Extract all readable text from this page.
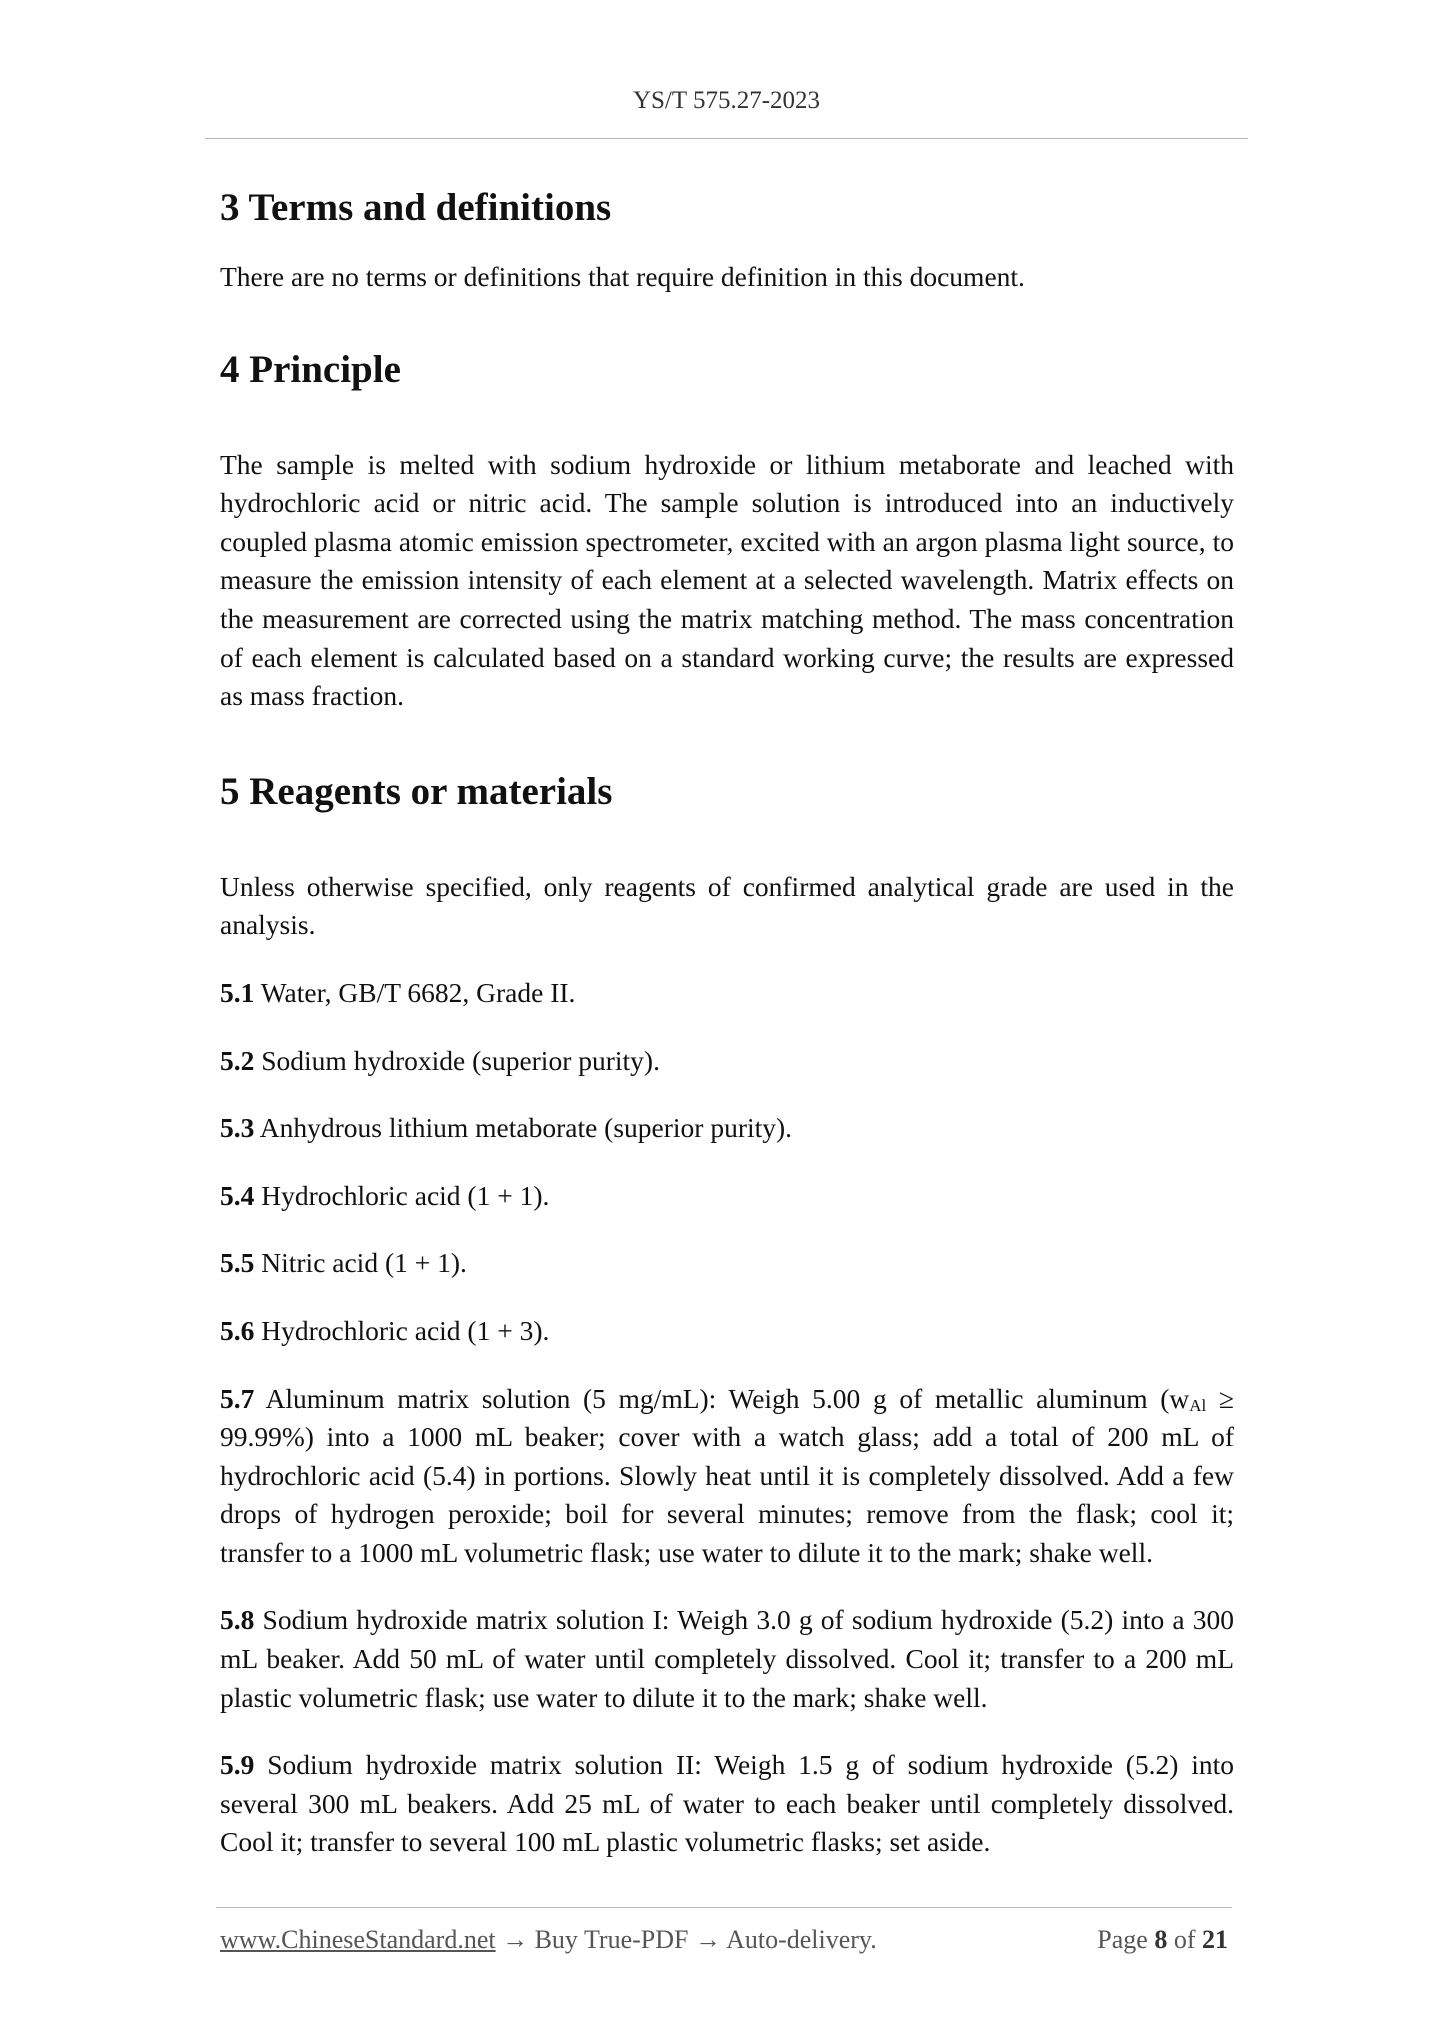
YS/T 575.27-2023
3 Terms and definitions

There are no terms or definitions that require definition in this document.

4 Principle

The sample is melted with sodium hydroxide or lithium metaborate and leached with hydrochloric acid or nitric acid. The sample solution is introduced into an inductively coupled plasma atomic emission spectrometer, excited with an argon plasma light source, to measure the emission intensity of each element at a selected wavelength. Matrix effects on the measurement are corrected using the matrix matching method. The mass concentration of each element is calculated based on a standard working curve; the results are expressed as mass fraction.

5 Reagents or materials

Unless otherwise specified, only reagents of confirmed analytical grade are used in the analysis.

5.1 Water, GB/T 6682, Grade II.

5.2 Sodium hydroxide (superior purity).

5.3 Anhydrous lithium metaborate (superior purity).

5.4 Hydrochloric acid (1 + 1).

5.5 Nitric acid (1 + 1).

5.6 Hydrochloric acid (1 + 3).

5.7 Aluminum matrix solution (5 mg/mL): Weigh 5.00 g of metallic aluminum $(w_{Al} \ge 99.99\%)$ into a 1000 mL beaker; cover with a watch glass; add a total of 200 mL of hydrochloric acid (5.4) in portions. Slowly heat until it is completely dissolved. Add a few drops of hydrogen peroxide; boil for several minutes; remove from the flask; cool it; transfer to a 1000 mL volumetric flask; use water to dilute it to the mark; shake well.

5.8 Sodium hydroxide matrix solution I: Weigh 3.0 g of sodium hydroxide (5.2) into a 300 mL beaker. Add 50 mL of water until completely dissolved. Cool it; transfer to a 200 mL plastic volumetric flask; use water to dilute it to the mark; shake well.

5.9 Sodium hydroxide matrix solution II: Weigh 1.5 g of sodium hydroxide (5.2) into several 300 mL beakers. Add 25 mL of water to each beaker until completely dissolved. Cool it; transfer to several 100 mL plastic volumetric flasks; set aside.

www.ChineseStandard.net → Buy True-PDF → Auto-delivery.	Page 8 of 21
